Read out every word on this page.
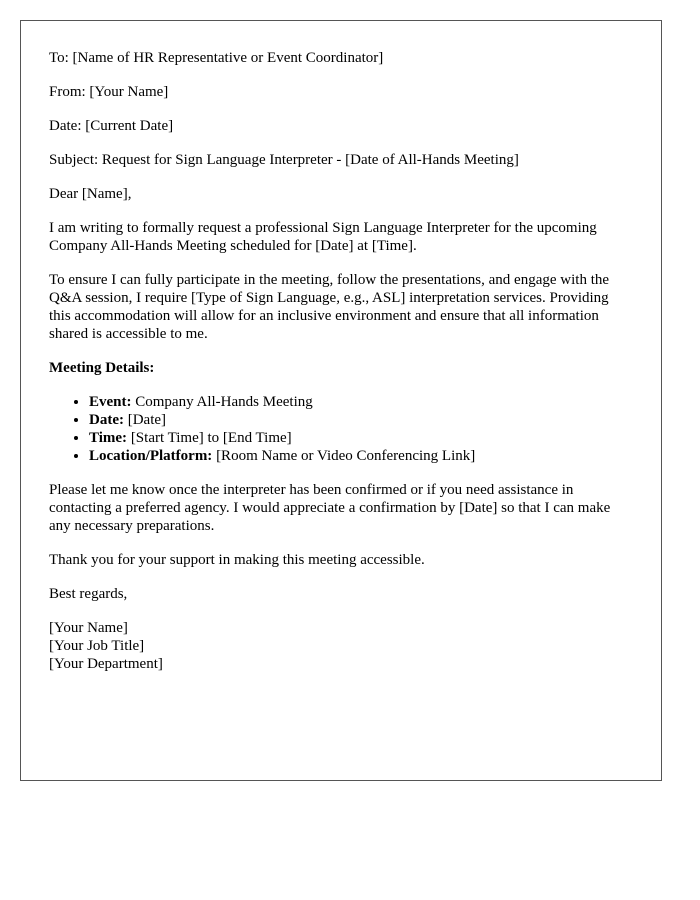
To: [Name of HR Representative or Event Coordinator]

From: [Your Name]

Date: [Current Date]

Subject: Request for Sign Language Interpreter - [Date of All-Hands Meeting]

Dear [Name],

I am writing to formally request a professional Sign Language Interpreter for the upcoming Company All-Hands Meeting scheduled for [Date] at [Time].

To ensure I can fully participate in the meeting, follow the presentations, and engage with the Q&A session, I require [Type of Sign Language, e.g., ASL] interpretation services. Providing this accommodation will allow for an inclusive environment and ensure that all information shared is accessible to me.

Meeting Details:

• Event: Company All-Hands Meeting
• Date: [Date]
• Time: [Start Time] to [End Time]
• Location/Platform: [Room Name or Video Conferencing Link]

Please let me know once the interpreter has been confirmed or if you need assistance in contacting a preferred agency. I would appreciate a confirmation by [Date] so that I can make any necessary preparations.

Thank you for your support in making this meeting accessible.

Best regards,

[Your Name]
[Your Job Title]
[Your Department]
